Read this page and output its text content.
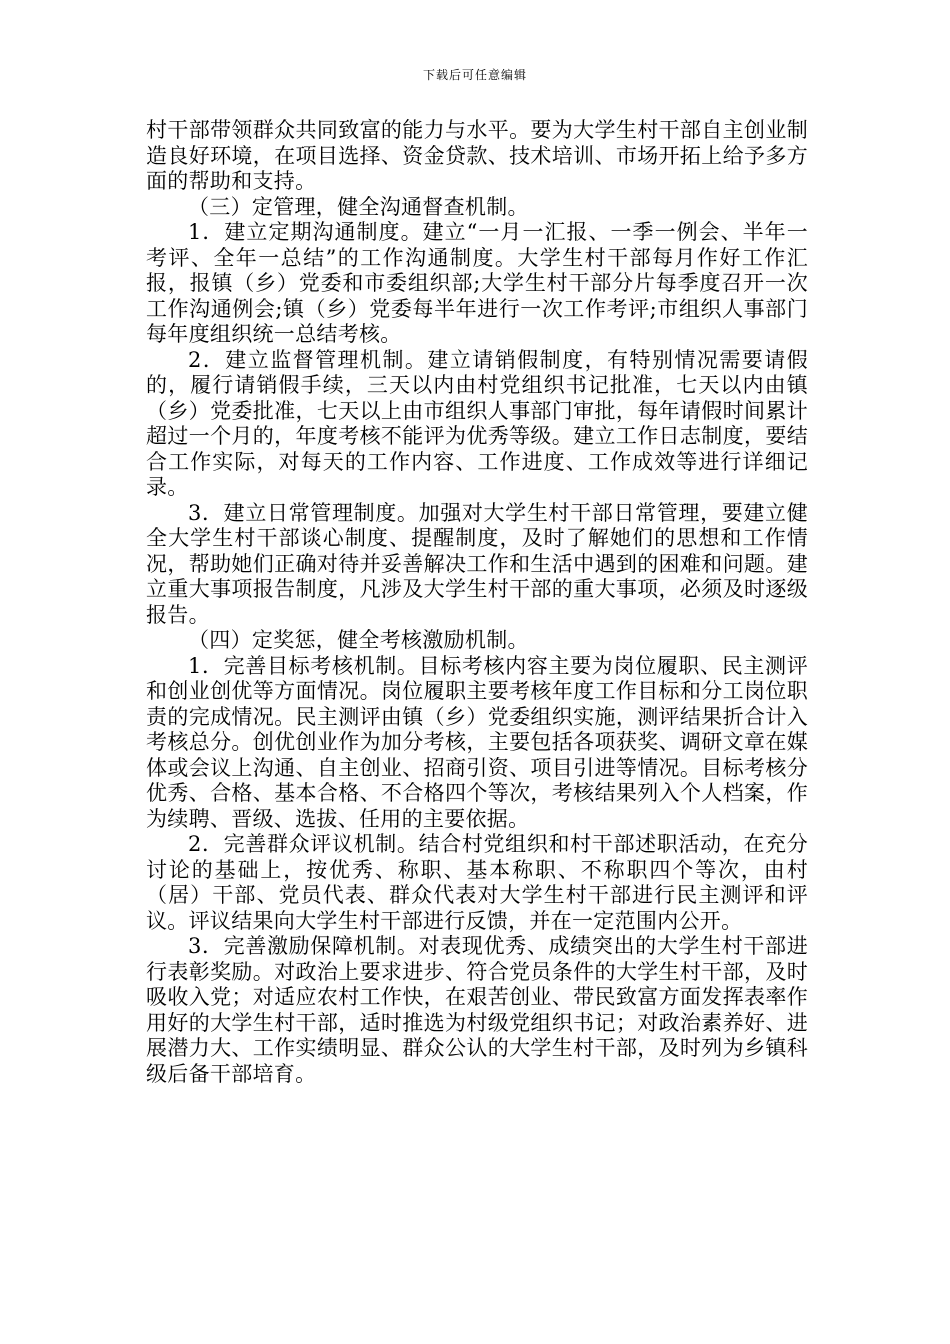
下载后可任意编辑

村干部带领群众共同致富的能力与水平。要为大学生村干部自主创业制造良好环境，在项目选择、资金贷款、技术培训、市场开拓上给予多方面的帮助和支持。

（三）定管理，健全沟通督查机制。

1．建立定期沟通制度。建立“一月一汇报、一季一例会、半年一考评、全年一总结”的工作沟通制度。大学生村干部每月作好工作汇报，报镇（乡）党委和市委组织部;大学生村干部分片每季度召开一次工作沟通例会;镇（乡）党委每半年进行一次工作考评;市组织人事部门每年度组织统一总结考核。

2．建立监督管理机制。建立请销假制度，有特别情况需要请假的，履行请销假手续，三天以内由村党组织书记批准，七天以内由镇（乡）党委批准，七天以上由市组织人事部门审批，每年请假时间累计超过一个月的，年度考核不能评为优秀等级。建立工作日志制度，要结合工作实际，对每天的工作内容、工作进度、工作成效等进行详细记录。

3．建立日常管理制度。加强对大学生村干部日常管理，要建立健全大学生村干部谈心制度、提醒制度，及时了解她们的思想和工作情况，帮助她们正确对待并妥善解决工作和生活中遇到的困难和问题。建立重大事项报告制度，凡涉及大学生村干部的重大事项，必须及时逐级报告。

（四）定奖惩，健全考核激励机制。

1．完善目标考核机制。目标考核内容主要为岗位履职、民主测评和创业创优等方面情况。岗位履职主要考核年度工作目标和分工岗位职责的完成情况。民主测评由镇（乡）党委组织实施，测评结果折合计入考核总分。创优创业作为加分考核，主要包括各项获奖、调研文章在媒体或会议上沟通、自主创业、招商引资、项目引进等情况。目标考核分优秀、合格、基本合格、不合格四个等次，考核结果列入个人档案，作为续聘、晋级、选拔、任用的主要依据。

2．完善群众评议机制。结合村党组织和村干部述职活动，在充分讨论的基础上，按优秀、称职、基本称职、不称职四个等次，由村（居）干部、党员代表、群众代表对大学生村干部进行民主测评和评议。评议结果向大学生村干部进行反馈，并在一定范围内公开。

3．完善激励保障机制。对表现优秀、成绩突出的大学生村干部进行表彰奖励。对政治上要求进步、符合党员条件的大学生村干部，及时吸收入党；对适应农村工作快，在艰苦创业、带民致富方面发挥表率作用好的大学生村干部，适时推选为村级党组织书记；对政治素养好、进展潜力大、工作实绩明显、群众公认的大学生村干部，及时列为乡镇科级后备干部培育。
